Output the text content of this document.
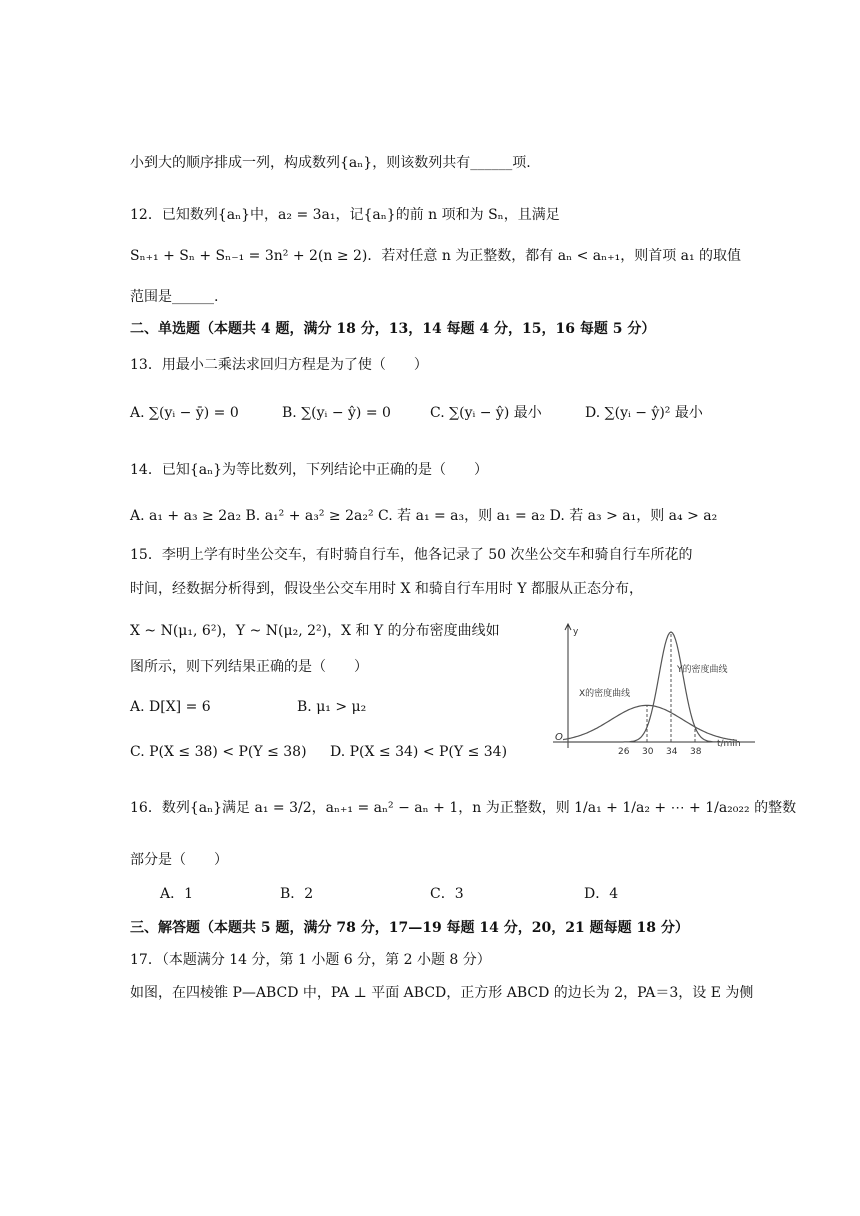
小到大的顺序排成一列，构成数列{aₙ}，则该数列共有______项.
12．已知数列{aₙ}中，a₂ = 3a₁，记{aₙ}的前 n 项和为 Sₙ，且满足
Sₙ₊₁ + Sₙ + Sₙ₋₁ = 3n² + 2(n ≥ 2)．若对任意 n 为正整数，都有 aₙ < aₙ₊₁，则首项 a₁ 的取值
范围是______.
二、单选题（本题共 4 题，满分 18 分，13，14 每题 4 分，15，16 每题 5 分）
13．用最小二乘法求回归方程是为了使（　　）
A. ∑(yᵢ − ȳ) = 0	B. ∑(yᵢ − ŷ) = 0	C. ∑(yᵢ − ŷ) 最小	D. ∑(yᵢ − ŷ)² 最小
14．已知{aₙ}为等比数列，下列结论中正确的是（　　）
A. a₁ + a₃ ≥ 2a₂ B. a₁² + a₃² ≥ 2a₂² C. 若 a₁ = a₃，则 a₁ = a₂ D. 若 a₃ > a₁，则 a₄ > a₂
15．李明上学有时坐公交车，有时骑自行车，他各记录了 50 次坐公交车和骑自行车所花的
时间，经数据分析得到，假设坐公交车用时 X 和骑自行车用时 Y 都服从正态分布，
X ~ N(μ₁, 6²)，Y ~ N(μ₂, 2²)，X 和 Y 的分布密度曲线如
图所示，则下列结果正确的是（　　）
A. D[X] = 6	B. μ₁ > μ₂
C. P(X ≤ 38) < P(Y ≤ 38) D. P(X ≤ 34) < P(Y ≤ 34)
y
t/min
O
X的密度曲线
Y的密度曲线
26 30 34 38
16．数列{aₙ}满足 a₁ = 3/2，aₙ₊₁ = aₙ² − aₙ + 1，n 为正整数，则 1/a₁ + 1/a₂ + ⋯ + 1/a₂₀₂₂ 的整数
部分是（　　）
A．1	B．2	C．3	D．4
三、解答题（本题共 5 题，满分 78 分，17—19 每题 14 分，20，21 题每题 18 分）
17．（本题满分 14 分，第 1 小题 6 分，第 2 小题 8 分）
如图，在四棱锥 P—ABCD 中，PA ⊥ 平面 ABCD，正方形 ABCD 的边长为 2，PA＝3，设 E 为侧
